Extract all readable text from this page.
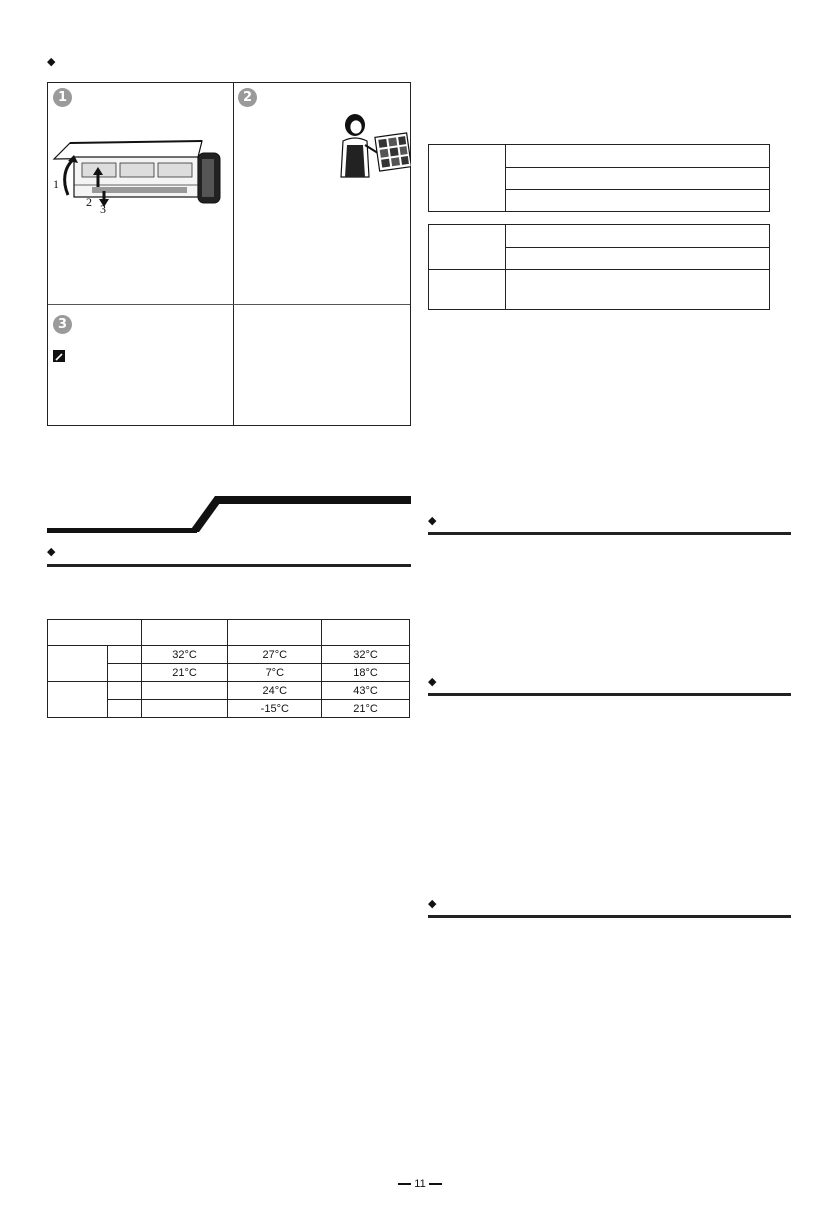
◆
1
1
2 3
2
3
◆

		32°C	27°C	32°C
		21°C	7°C	18°C
			24°C	43°C
			-15°C	21°C

◆
◆
◆
11
